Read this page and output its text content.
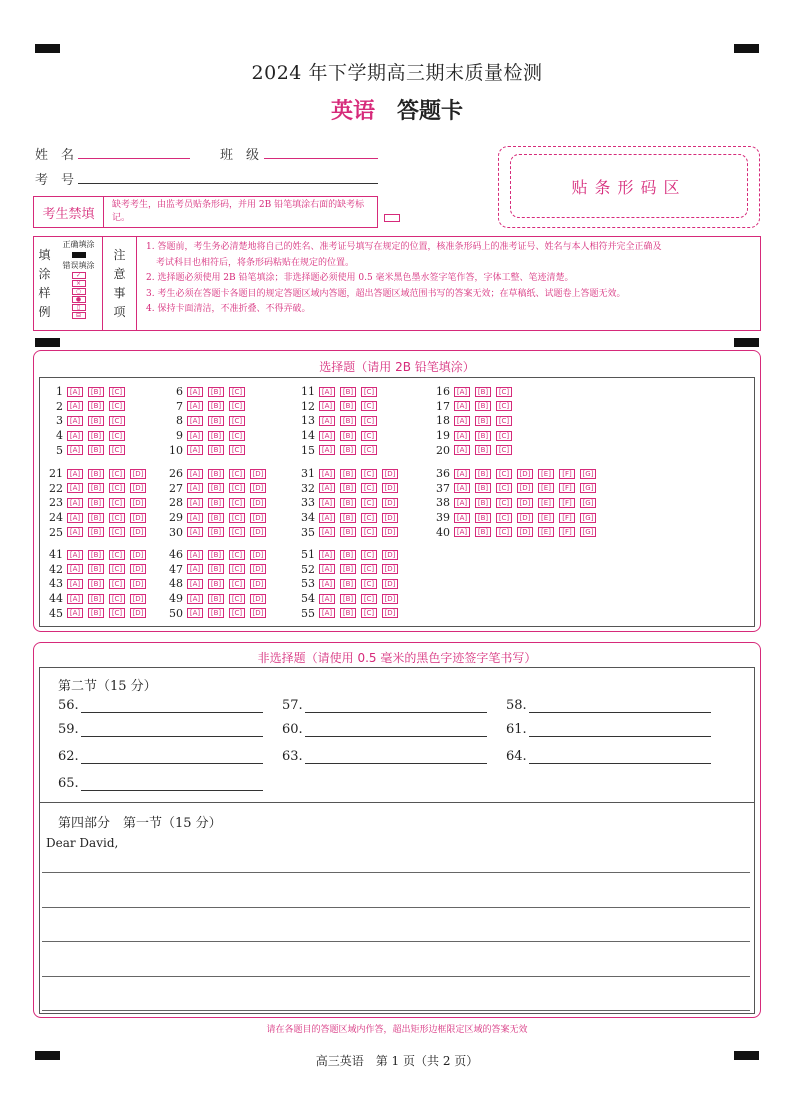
2024 年下学期高三期末质量检测
英语 答题卡
姓　名	班　级
考　号	贴条形码区
考生禁填
缺考考生，由监考员贴条形码，并用 2B 铅笔填涂右面的缺考标记。
填
涂
样
例
正确填涂
错误填涂
✓
×
○
●
▯
⊟
注
意
事
项
1. 答题前，考生务必清楚地将自己的姓名、准考证号填写在规定的位置，核准条形码上的准考证号、姓名与本人相符并完全正确及
考试科目也相符后，将条形码粘贴在规定的位置。
2. 选择题必须使用 2B 铅笔填涂；非选择题必须使用 0.5 毫米黑色墨水签字笔作答，字体工整、笔迹清楚。
3. 考生必须在答题卡各题目的规定答题区域内答题，超出答题区域范围书写的答案无效；在草稿纸、试题卷上答题无效。
4. 保持卡面清洁，不准折叠、不得弄破。
选择题（请用 2B 铅笔填涂）
1 [A]	[B]	[C]
2 [A]	[B]	[C]
3 [A]	[B]	[C]
4 [A]	[B]	[C]
5 [A]	[B]	[C]
6 [A]	[B]	[C]
7 [A]	[B]	[C]
8 [A]	[B]	[C]
9 [A]	[B]	[C]
10 [A]	[B]	[C]
11 [A]	[B]	[C]
12 [A]	[B]	[C]
13 [A]	[B]	[C]
14 [A]	[B]	[C]
15 [A]	[B]	[C]
16 [A]	[B]	[C]
17 [A]	[B]	[C]
18 [A]	[B]	[C]
19 [A]	[B]	[C]
20 [A]	[B]	[C]
21 [A]	[B]	[C]	[D]
22 [A]	[B]	[C]	[D]
23 [A]	[B]	[C]	[D]
24 [A]	[B]	[C]	[D]
25 [A]	[B]	[C]	[D]
26 [A]	[B]	[C]	[D]
27 [A]	[B]	[C]	[D]
28 [A]	[B]	[C]	[D]
29 [A]	[B]	[C]	[D]
30 [A]	[B]	[C]	[D]
31 [A]	[B]	[C]	[D]
32 [A]	[B]	[C]	[D]
33 [A]	[B]	[C]	[D]
34 [A]	[B]	[C]	[D]
35 [A]	[B]	[C]	[D]
36 [A]	[B]	[C]	[D]	[E]	[F]	[G]
37 [A]	[B]	[C]	[D]	[E]	[F]	[G]
38 [A]	[B]	[C]	[D]	[E]	[F]	[G]
39 [A]	[B]	[C]	[D]	[E]	[F]	[G]
40 [A]	[B]	[C]	[D]	[E]	[F]	[G]
41 [A]	[B]	[C]	[D]
42 [A]	[B]	[C]	[D]
43 [A]	[B]	[C]	[D]
44 [A]	[B]	[C]	[D]
45 [A]	[B]	[C]	[D]
46 [A]	[B]	[C]	[D]
47 [A]	[B]	[C]	[D]
48 [A]	[B]	[C]	[D]
49 [A]	[B]	[C]	[D]
50 [A]	[B]	[C]	[D]
51 [A]	[B]	[C]	[D]
52 [A]	[B]	[C]	[D]
53 [A]	[B]	[C]	[D]
54 [A]	[B]	[C]	[D]
55 [A]	[B]	[C]	[D]
非选择题（请使用 0.5 毫米的黑色字迹签字笔书写）
第二节（15 分）
56.	57.	58.
59.	60.	61.
62.	63.	64.
65.
第四部分　第一节（15 分）
Dear David,
请在各题目的答题区域内作答，超出矩形边框限定区域的答案无效
高三英语　第 1 页（共 2 页）
